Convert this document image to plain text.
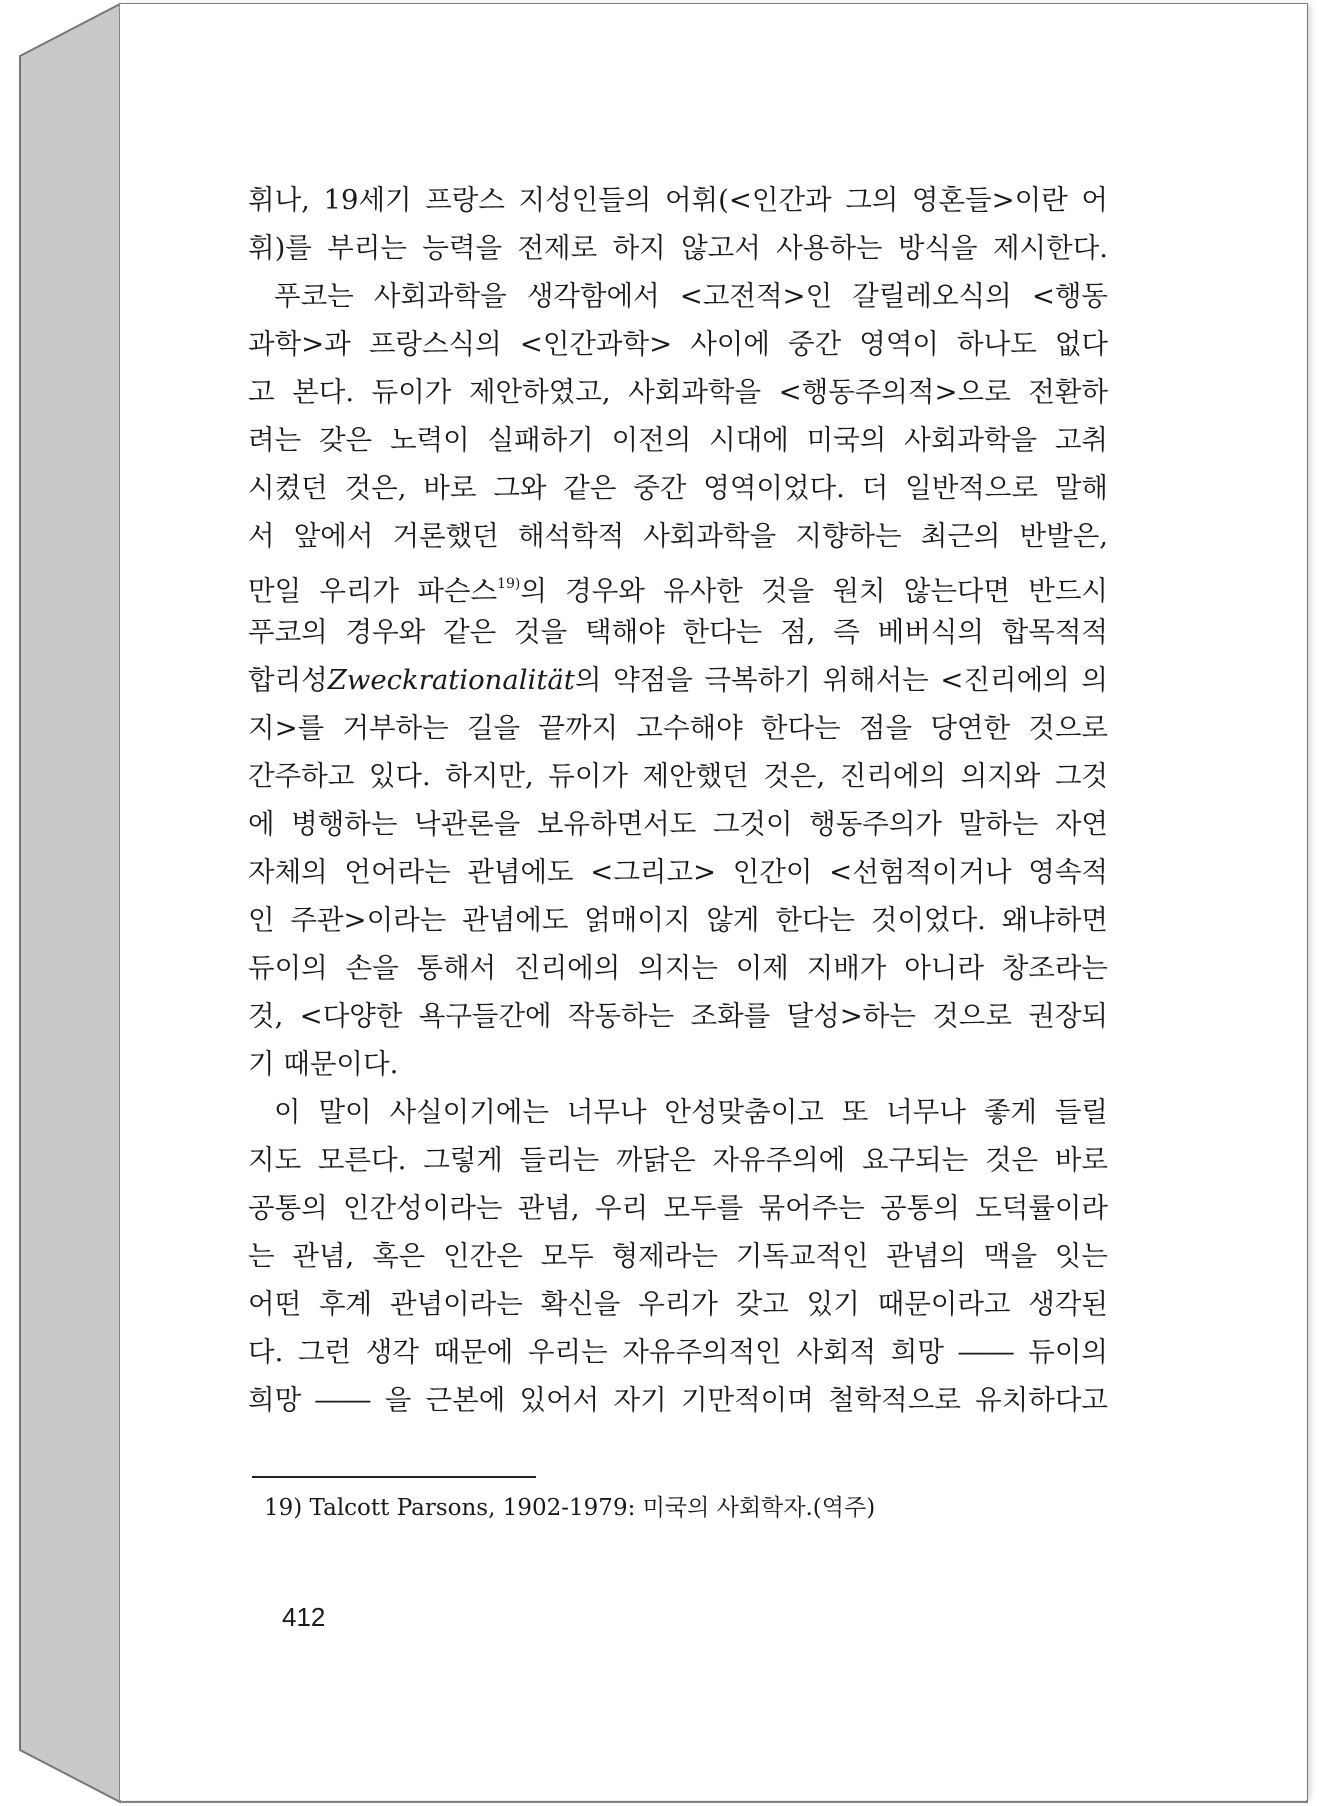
휘나, 19세기 프랑스 지성인들의 어휘(<인간과 그의 영혼들>이란 어
휘)를 부리는 능력을 전제로 하지 않고서 사용하는 방식을 제시한다.
푸코는 사회과학을 생각함에서 <고전적>인 갈릴레오식의 <행동
과학>과 프랑스식의 <인간과학> 사이에 중간 영역이 하나도 없다
고 본다. 듀이가 제안하였고, 사회과학을 <행동주의적>으로 전환하
려는 갖은 노력이 실패하기 이전의 시대에 미국의 사회과학을 고취
시켰던 것은, 바로 그와 같은 중간 영역이었다. 더 일반적으로 말해
서 앞에서 거론했던 해석학적 사회과학을 지향하는 최근의 반발은,
만일 우리가 파슨스$^{19)}$의 경우와 유사한 것을 원치 않는다면 반드시
푸코의 경우와 같은 것을 택해야 한다는 점, 즉 베버식의 합목적적
합리성Zweckrationalität의 약점을 극복하기 위해서는 <진리에의 의
지>를 거부하는 길을 끝까지 고수해야 한다는 점을 당연한 것으로
간주하고 있다. 하지만, 듀이가 제안했던 것은, 진리에의 의지와 그것
에 병행하는 낙관론을 보유하면서도 그것이 행동주의가 말하는 자연
자체의 언어라는 관념에도 <그리고> 인간이 <선험적이거나 영속적
인 주관>이라는 관념에도 얽매이지 않게 한다는 것이었다. 왜냐하면
듀이의 손을 통해서 진리에의 의지는 이제 지배가 아니라 창조라는
것, <다양한 욕구들간에 작동하는 조화를 달성>하는 것으로 권장되
기 때문이다.
이 말이 사실이기에는 너무나 안성맞춤이고 또 너무나 좋게 들릴
지도 모른다. 그렇게 들리는 까닭은 자유주의에 요구되는 것은 바로
공통의 인간성이라는 관념, 우리 모두를 묶어주는 공통의 도덕률이라
는 관념, 혹은 인간은 모두 형제라는 기독교적인 관념의 맥을 잇는
어떤 후계 관념이라는 확신을 우리가 갖고 있기 때문이라고 생각된
다. 그런 생각 때문에 우리는 자유주의적인 사회적 희망 ―― 듀이의
희망 ―― 을 근본에 있어서 자기 기만적이며 철학적으로 유치하다고
19) Talcott Parsons, 1902-1979: 미국의 사회학자.(역주)
412
